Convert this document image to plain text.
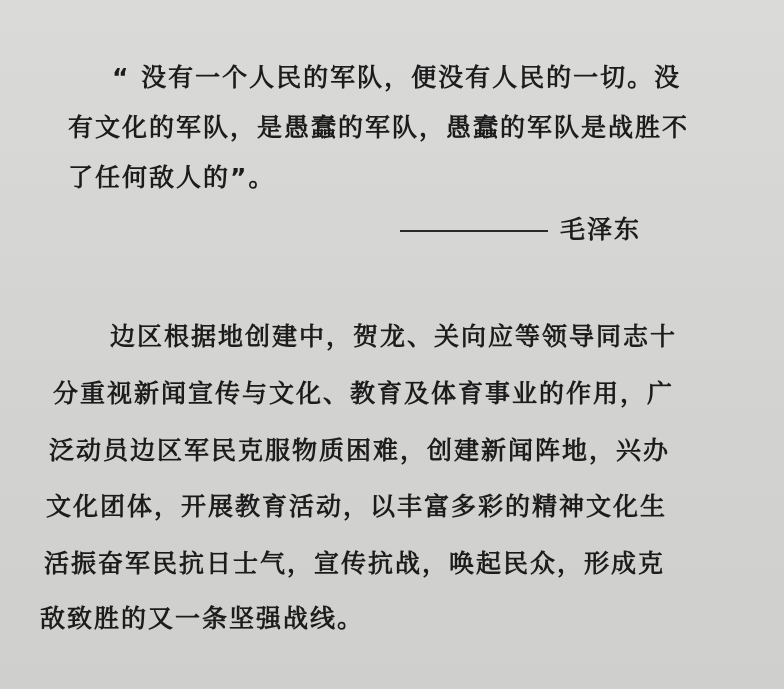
“ 没有一个人民的军队，便没有人民的一切。没
有文化的军队，是愚蠢的军队，愚蠢的军队是战胜不
了任何敌人的”。
毛泽东
边区根据地创建中，贺龙、关向应等领导同志十
分重视新闻宣传与文化、教育及体育事业的作用，广
泛动员边区军民克服物质困难，创建新闻阵地，兴办
文化团体，开展教育活动，以丰富多彩的精神文化生
活振奋军民抗日士气，宣传抗战，唤起民众，形成克
敌致胜的又一条坚强战线。
